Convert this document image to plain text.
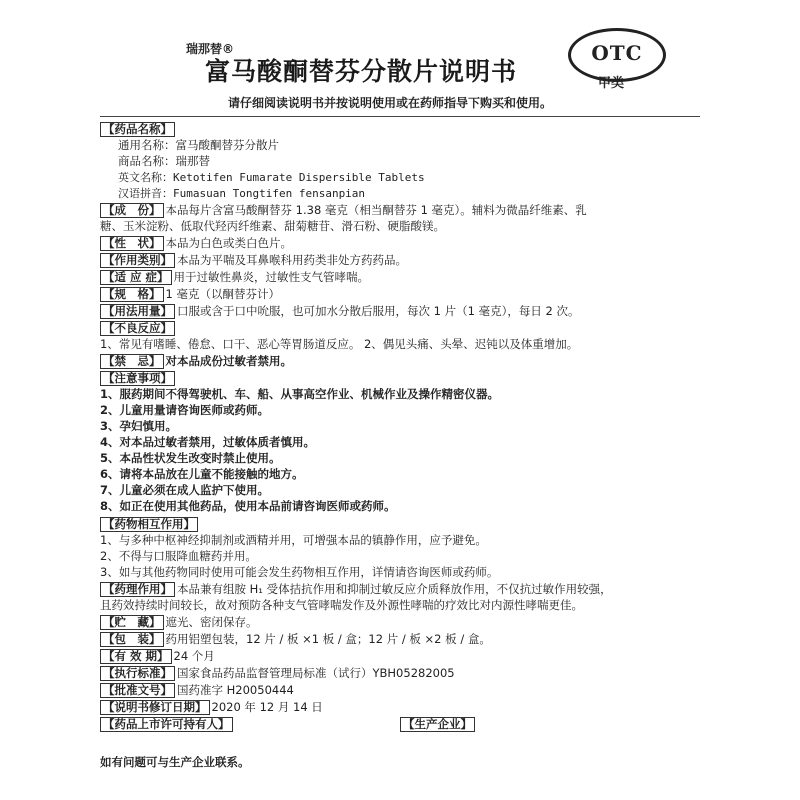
瑞那替®
富马酸酮替芬分散片说明书
请仔细阅读说明书并按说明使用或在药师指导下购买和使用。
OTC
甲类
【药品名称】
通用名称：富马酸酮替芬分散片
商品名称：瑞那替
英文名称：Ketotifen Fumarate Dispersible Tablets
汉语拼音：Fumasuan Tongtifen fensanpian
【成　份】 本品每片含富马酸酮替芬 1.38 毫克（相当酮替芬 1 毫克）。辅料为微晶纤维素、乳
糖、玉米淀粉、低取代羟丙纤维素、甜菊糖苷、滑石粉、硬脂酸镁。
【性　状】 本品为白色或类白色片。
【作用类别】 本品为平喘及耳鼻喉科用药类非处方药药品。
【适 应 症】 用于过敏性鼻炎，过敏性支气管哮喘。
【规　格】 1 毫克（以酮替芬计）
【用法用量】 口服或含于口中吮服，也可加水分散后服用，每次 1 片（1 毫克），每日 2 次。
【不良反应】
1、常见有嗜睡、倦怠、口干、恶心等胃肠道反应。 2、偶见头痛、头晕、迟钝以及体重增加。
【禁　忌】 对本品成份过敏者禁用。
【注意事项】
1、服药期间不得驾驶机、车、船、从事高空作业、机械作业及操作精密仪器。
2、儿童用量请咨询医师或药师。
3、孕妇慎用。
4、对本品过敏者禁用，过敏体质者慎用。
5、本品性状发生改变时禁止使用。
6、请将本品放在儿童不能接触的地方。
7、儿童必须在成人监护下使用。
8、如正在使用其他药品，使用本品前请咨询医师或药师。
【药物相互作用】
1、与多种中枢神经抑制剂或酒精并用，可增强本品的镇静作用，应予避免。
2、不得与口服降血糖药并用。
3、如与其他药物同时使用可能会发生药物相互作用，详情请咨询医师或药师。
【药理作用】 本品兼有组胺 H₁ 受体拮抗作用和抑制过敏反应介质释放作用，不仅抗过敏作用较强，
且药效持续时间较长，故对预防各种支气管哮喘发作及外源性哮喘的疗效比对内源性哮喘更佳。
【贮　藏】 遮光、密闭保存。
【包　装】 药用铝塑包装，12 片 / 板 ×1 板 / 盒；12 片 / 板 ×2 板 / 盒。
【有 效 期】 24 个月
【执行标准】 国家食品药品监督管理局标准（试行）YBH05282005
【批准文号】 国药准字 H20050444
【说明书修订日期】 2020 年 12 月 14 日
【药品上市许可持有人】	【生产企业】
如有问题可与生产企业联系。
